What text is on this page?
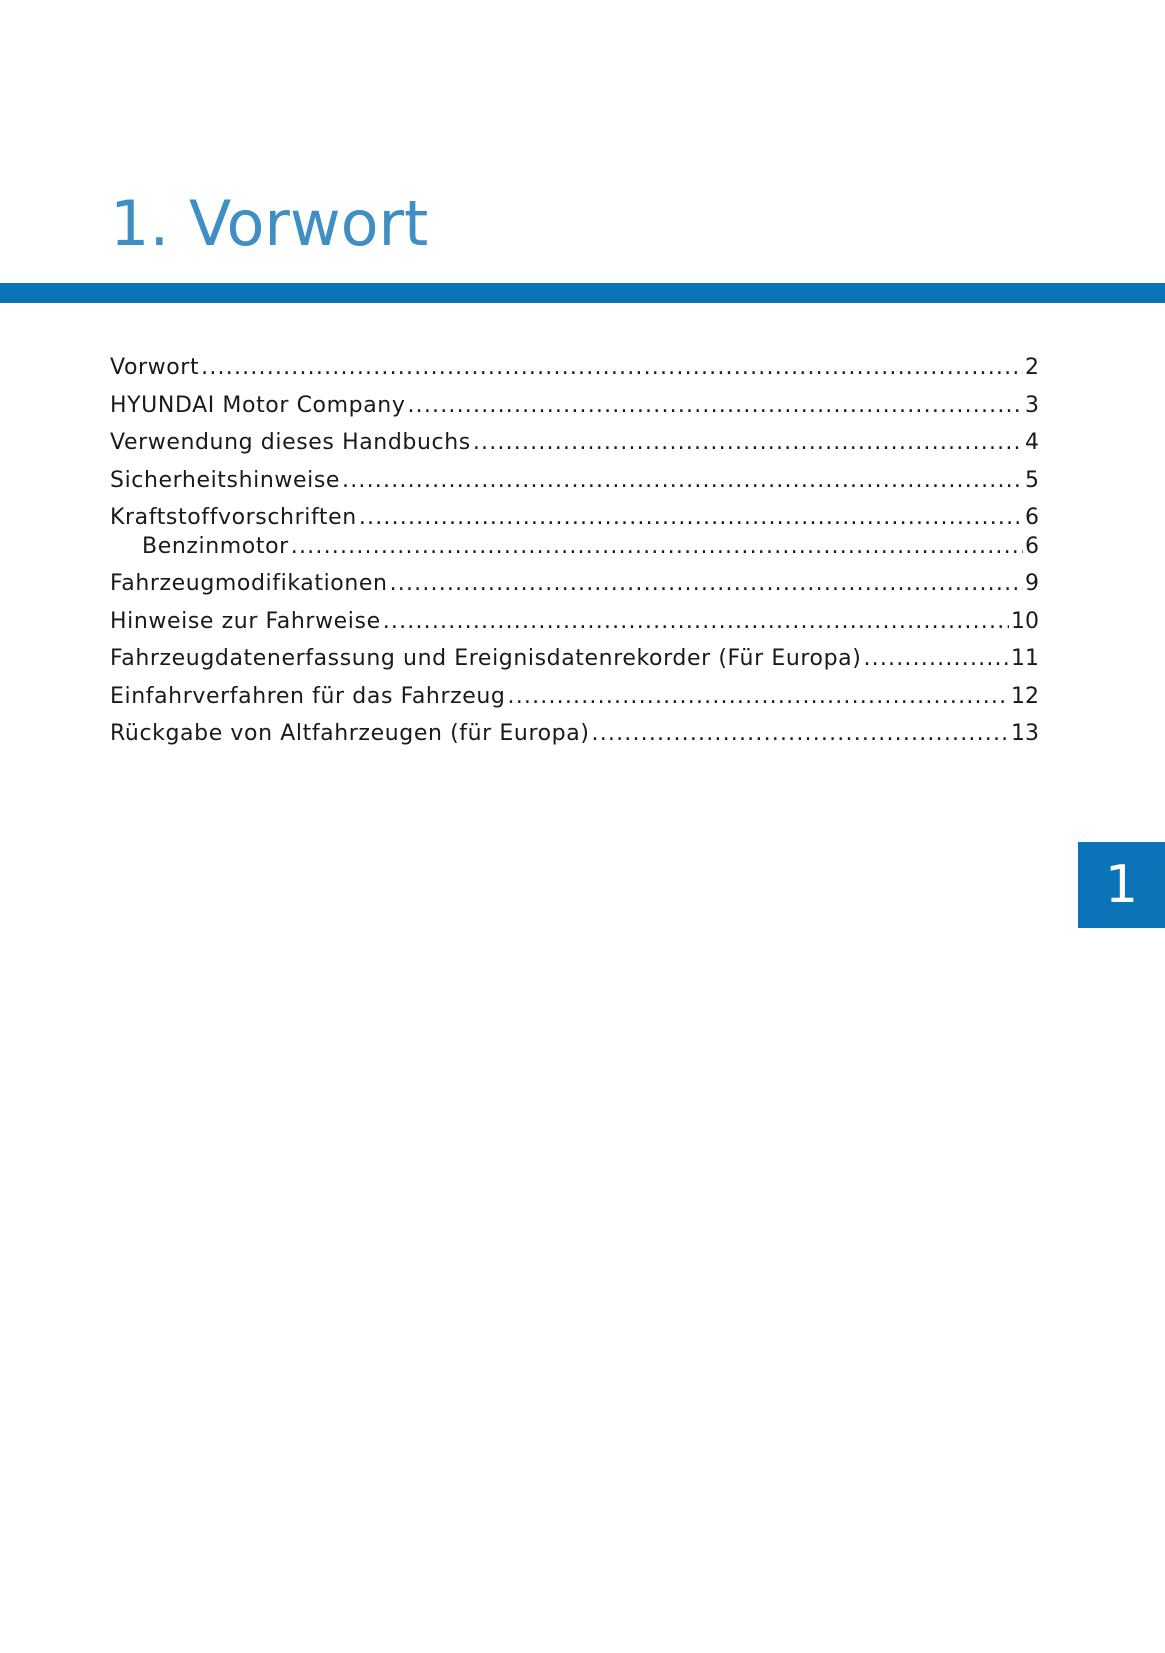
1. Vorwort
Vorwort .....	2
HYUNDAI Motor Company .....	3
Verwendung dieses Handbuchs .....	4
Sicherheitshinweise .....	5
Kraftstoffvorschriften .....	6
Benzinmotor .....	6
Fahrzeugmodifikationen .....	9
Hinweise zur Fahrweise .....	10
Fahrzeugdatenerfassung und Ereignisdatenrekorder (Für Europa) .....	11
Einfahrverfahren für das Fahrzeug .....	12
Rückgabe von Altfahrzeugen (für Europa) .....	13
1
